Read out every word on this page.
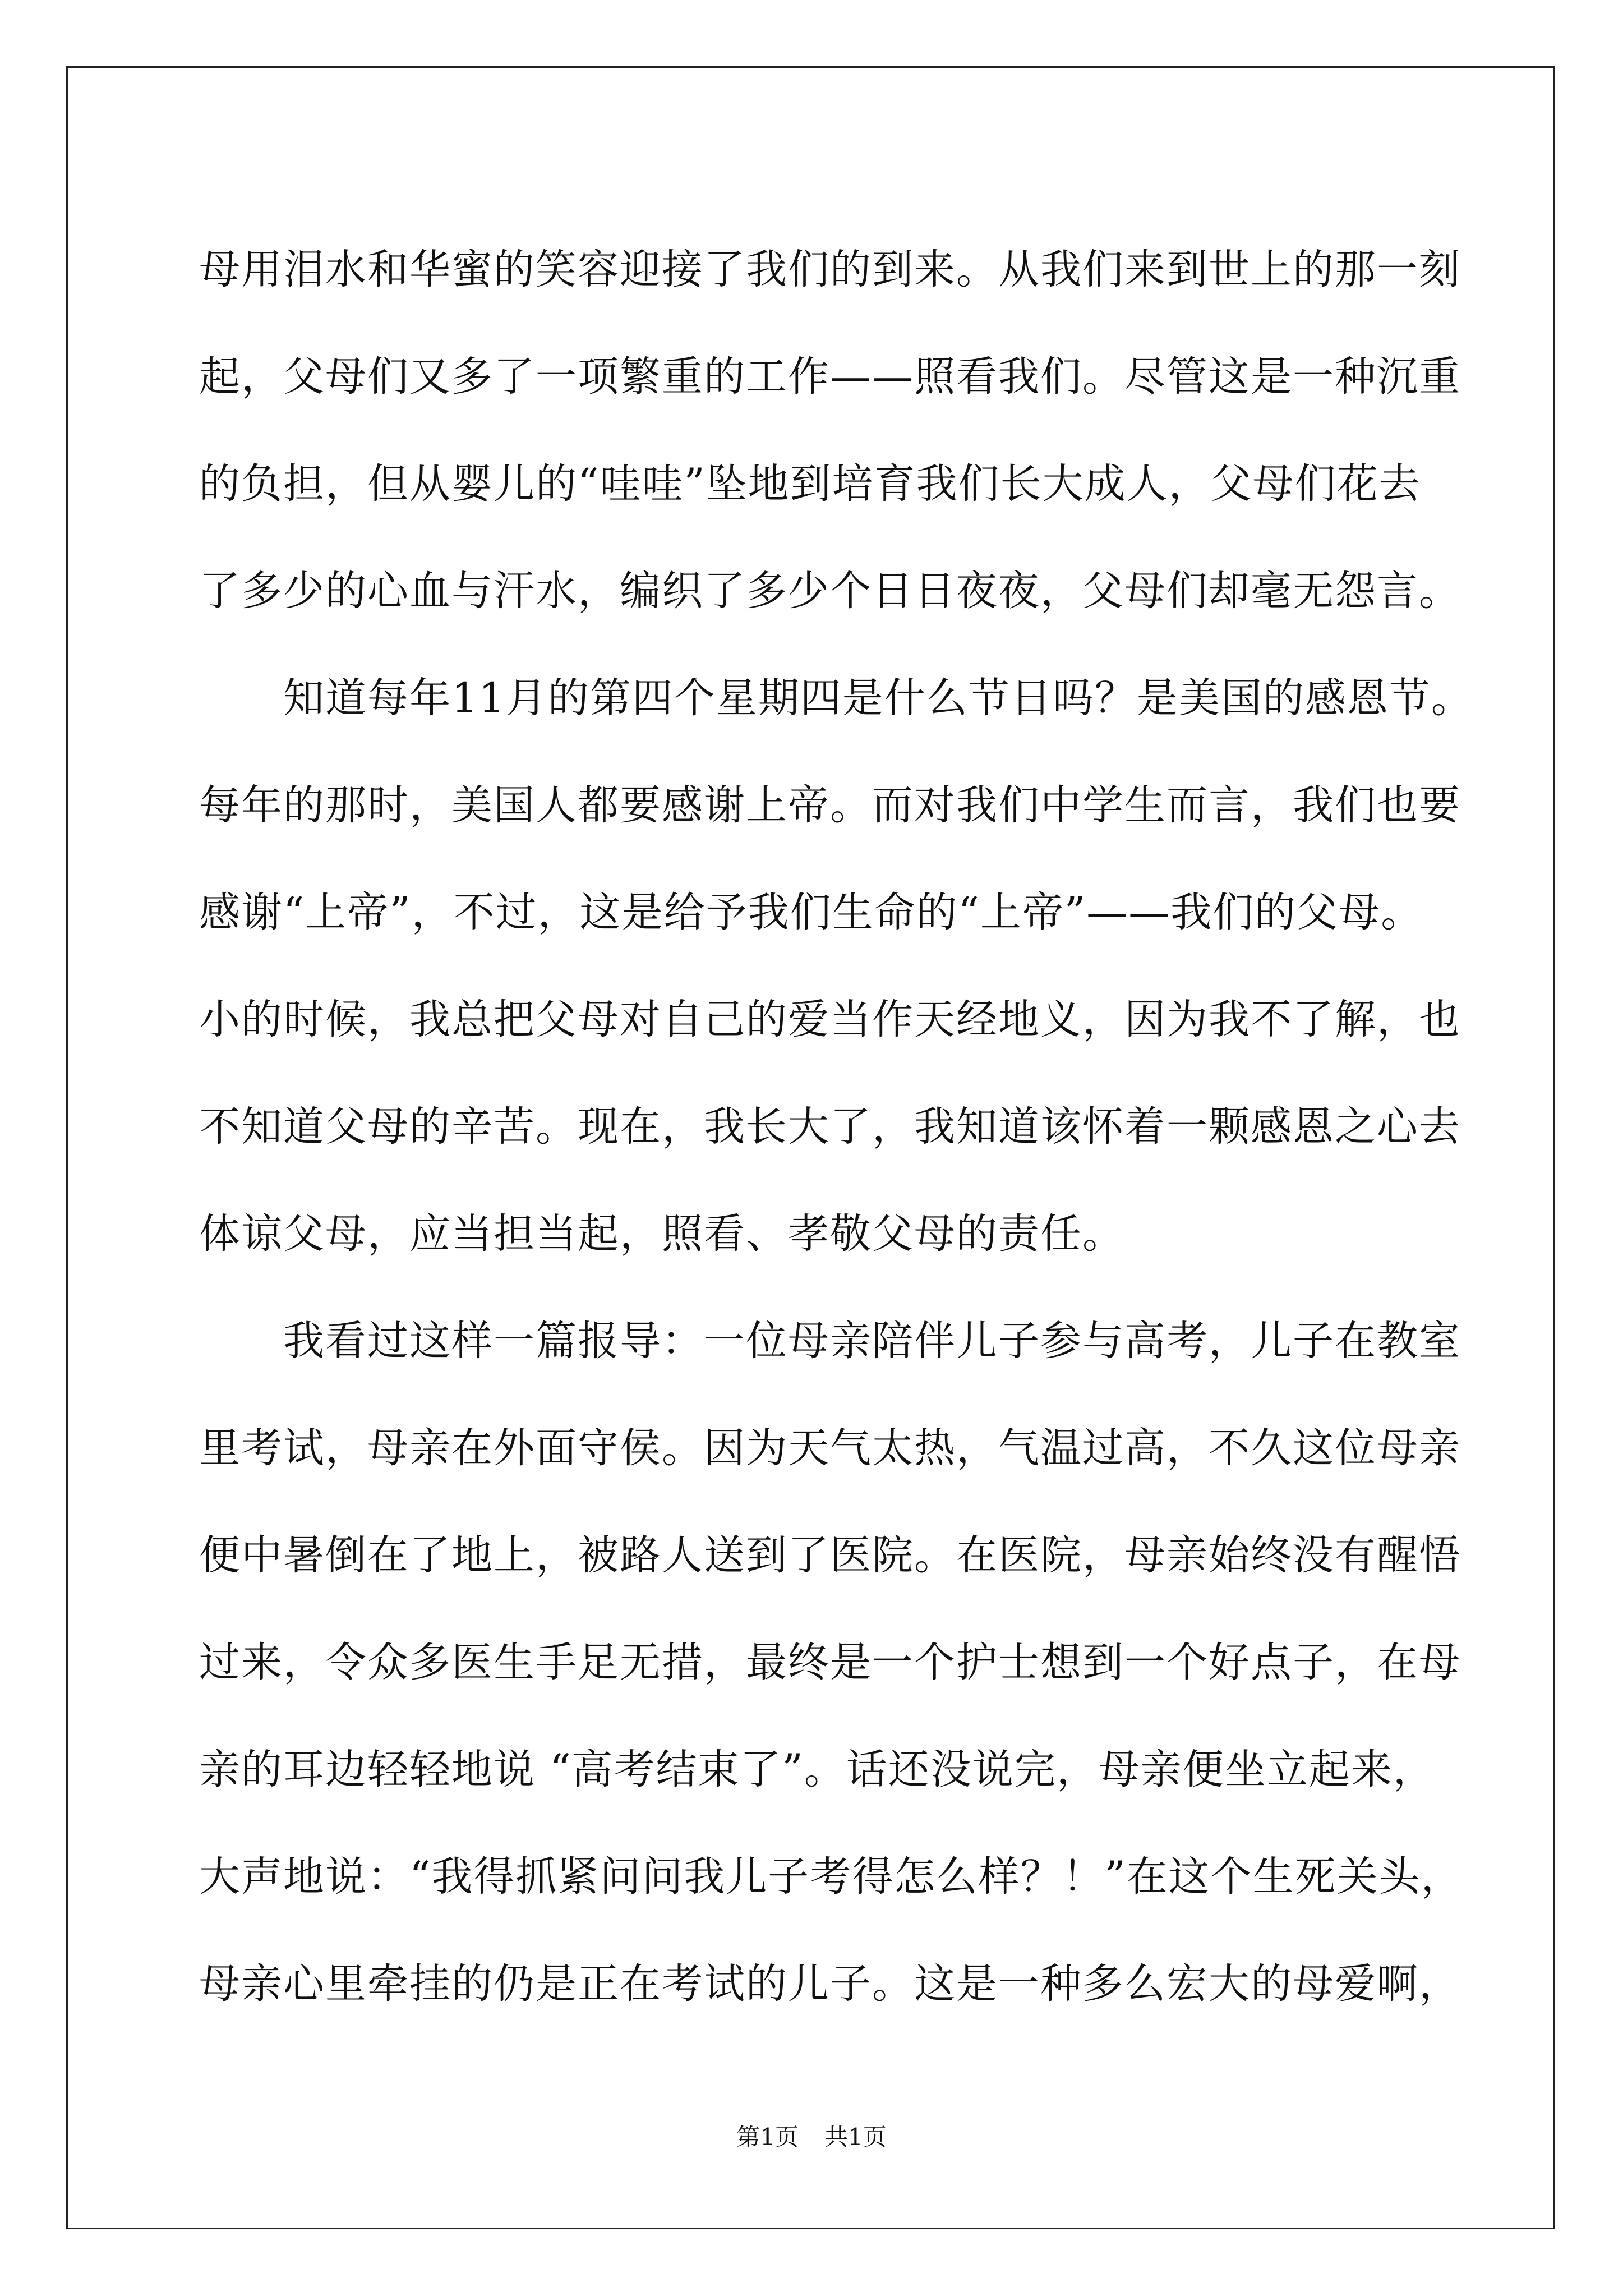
母用泪水和华蜜的笑容迎接了我们的到来。从我们来到世上的那一刻
起，父母们又多了一项繁重的工作——照看我们。尽管这是一种沉重
的负担，但从婴儿的“哇哇”坠地到培育我们长大成人，父母们花去
了多少的心血与汗水，编织了多少个日日夜夜，父母们却毫无怨言。
　　知道每年11月的第四个星期四是什么节日吗？是美国的感恩节。
每年的那时，美国人都要感谢上帝。而对我们中学生而言，我们也要
感谢“上帝”，不过，这是给予我们生命的“上帝”——我们的父母。
小的时候，我总把父母对自己的爱当作天经地义，因为我不了解，也
不知道父母的辛苦。现在，我长大了，我知道该怀着一颗感恩之心去
体谅父母，应当担当起，照看、孝敬父母的责任。
　　我看过这样一篇报导：一位母亲陪伴儿子参与高考，儿子在教室
里考试，母亲在外面守侯。因为天气太热，气温过高，不久这位母亲
便中暑倒在了地上，被路人送到了医院。在医院，母亲始终没有醒悟
过来，令众多医生手足无措，最终是一个护士想到一个好点子，在母
亲的耳边轻轻地说 “高考结束了”。话还没说完，母亲便坐立起来，
大声地说：“我得抓紧问问我儿子考得怎么样？！”在这个生死关头，
母亲心里牵挂的仍是正在考试的儿子。这是一种多么宏大的母爱啊，
第1页 共1页
